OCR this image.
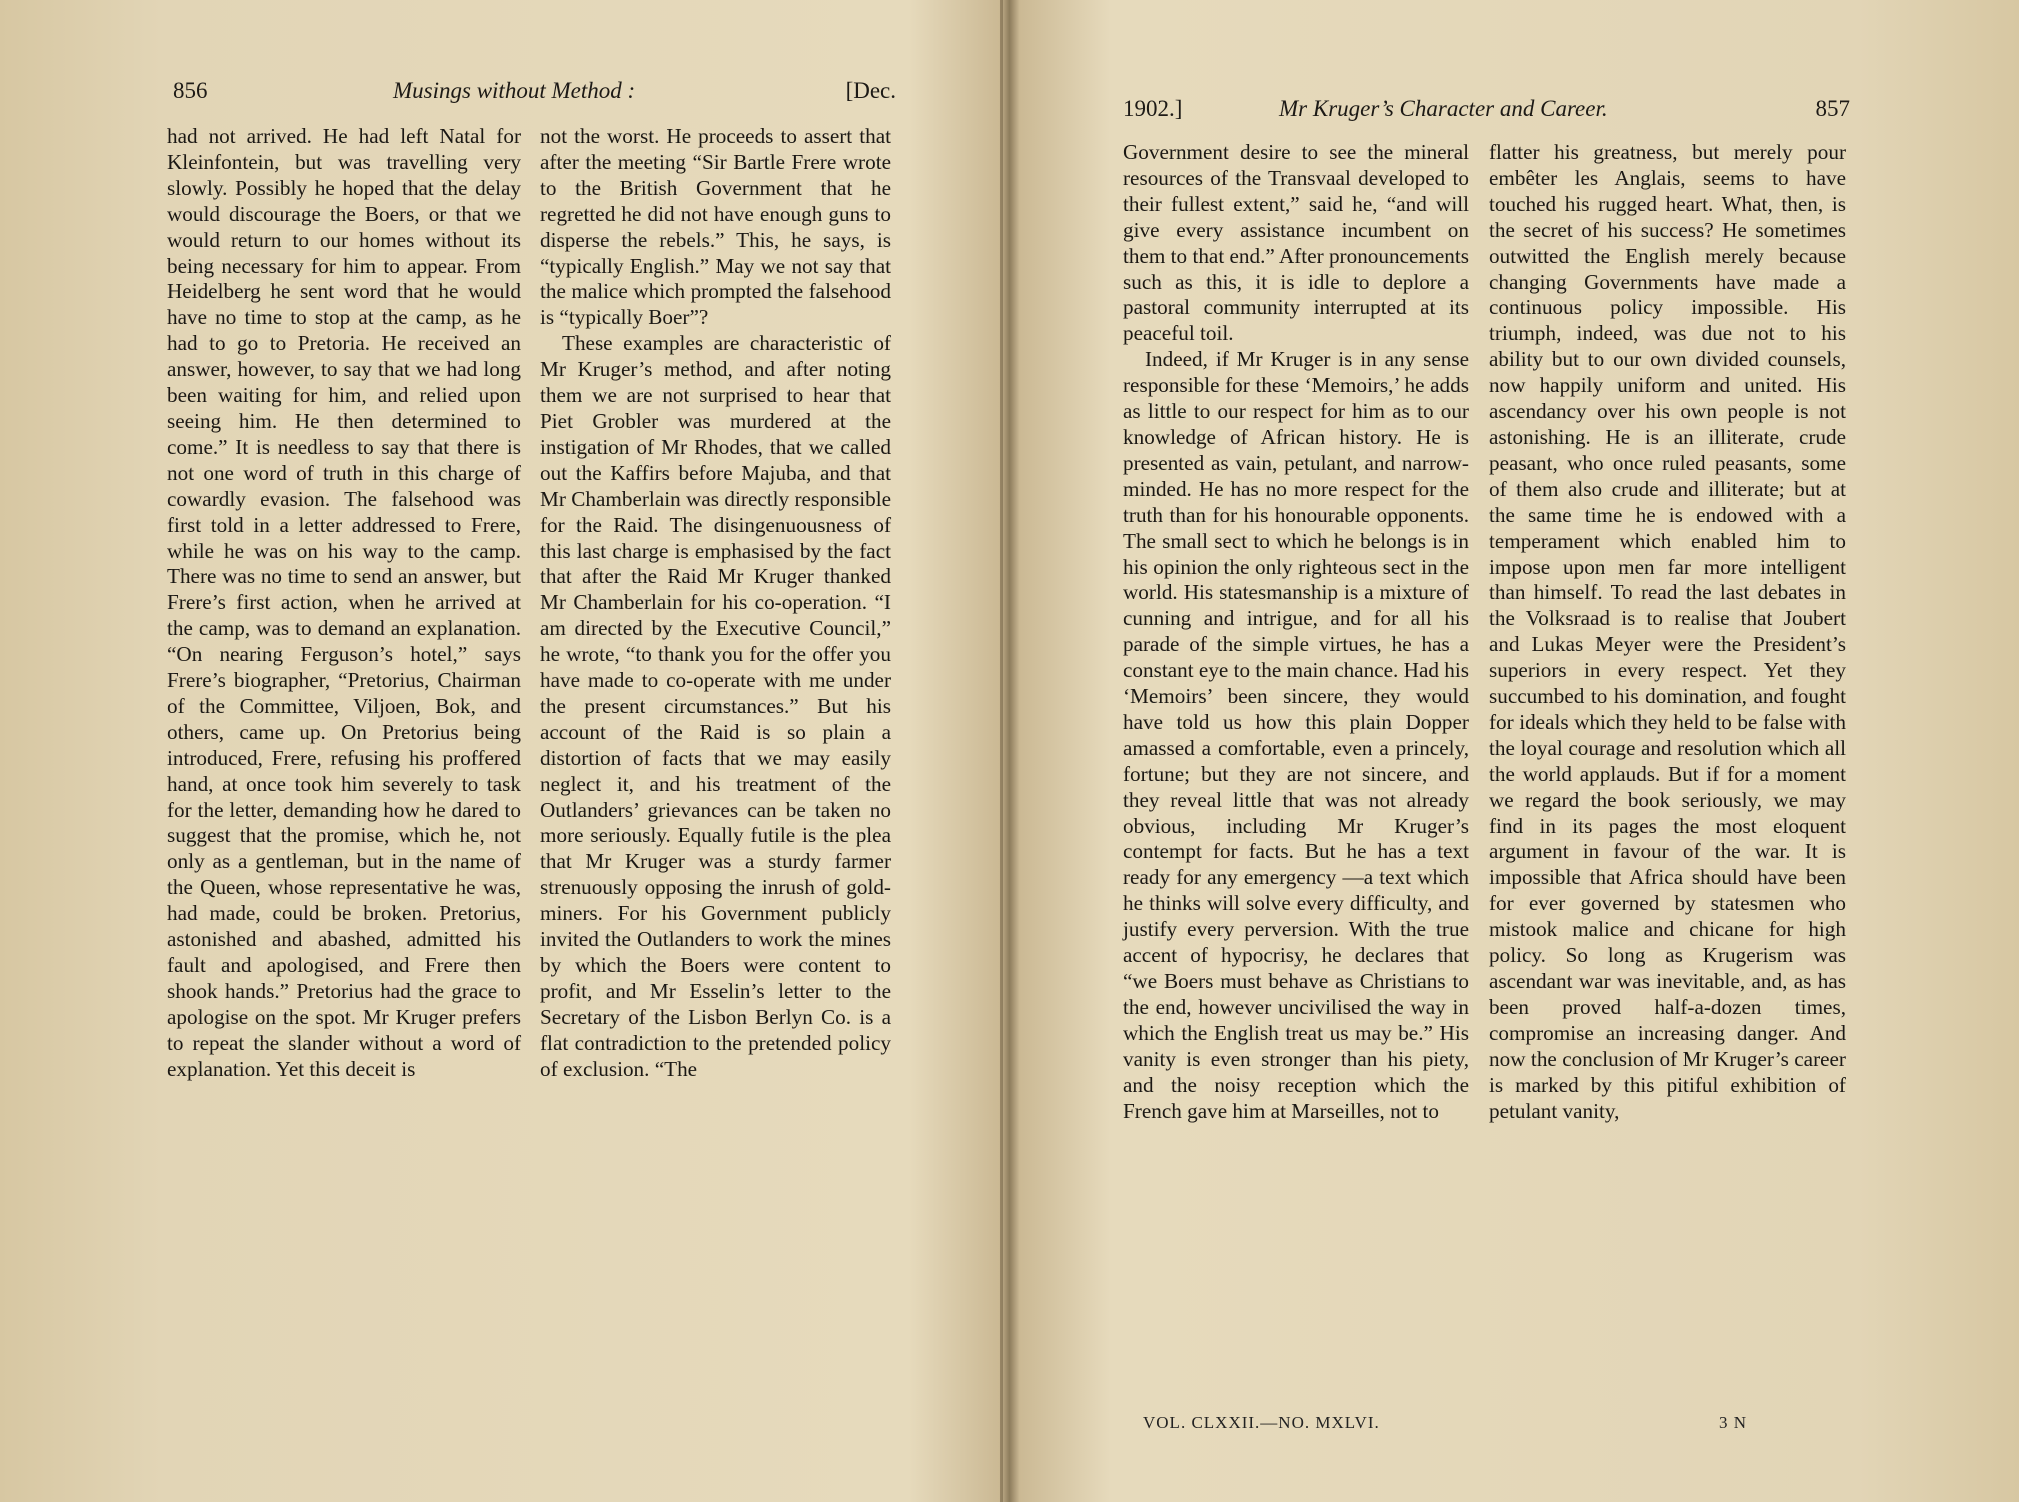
856	Musings without Method :	[Dec.

had not arrived. He had left Natal for Kleinfontein, but was travelling very slowly. Possibly he hoped that the delay would discourage the Boers, or that we would return to our homes without its being necessary for him to appear. From Heidelberg he sent word that he would have no time to stop at the camp, as he had to go to Pretoria. He received an answer, however, to say that we had long been waiting for him, and relied upon seeing him. He then determined to come.” It is needless to say that there is not one word of truth in this charge of cowardly evasion. The falsehood was first told in a letter addressed to Frere, while he was on his way to the camp. There was no time to send an answer, but Frere’s first action, when he arrived at the camp, was to demand an explanation. “On nearing Ferguson’s hotel,” says Frere’s biographer, “Pretorius, Chairman of the Committee, Viljoen, Bok, and others, came up. On Pretorius being introduced, Frere, refusing his proffered hand, at once took him severely to task for the letter, demanding how he dared to suggest that the promise, which he, not only as a gentleman, but in the name of the Queen, whose representative he was, had made, could be broken. Pretorius, astonished and abashed, admitted his fault and apologised, and Frere then shook hands.” Pretorius had the grace to apologise on the spot. Mr Kruger prefers to repeat the slander without a word of explanation. Yet this deceit is

not the worst. He proceeds to assert that after the meeting “Sir Bartle Frere wrote to the British Government that he regretted he did not have enough guns to disperse the rebels.” This, he says, is “typically English.” May we not say that the malice which prompted the falsehood is “typically Boer”?

These examples are characteristic of Mr Kruger’s method, and after noting them we are not surprised to hear that Piet Grobler was murdered at the instigation of Mr Rhodes, that we called out the Kaffirs before Majuba, and that Mr Chamberlain was directly responsible for the Raid. The disingenuousness of this last charge is emphasised by the fact that after the Raid Mr Kruger thanked Mr Chamberlain for his co-operation. “I am directed by the Executive Council,” he wrote, “to thank you for the offer you have made to co-operate with me under the present circumstances.” But his account of the Raid is so plain a distortion of facts that we may easily neglect it, and his treatment of the Outlanders’ grievances can be taken no more seriously. Equally futile is the plea that Mr Kruger was a sturdy farmer strenuously opposing the inrush of gold-miners. For his Government publicly invited the Outlanders to work the mines by which the Boers were content to profit, and Mr Esselin’s letter to the Secretary of the Lisbon Berlyn Co. is a flat contradiction to the pretended policy of exclusion. “The

1902.]	Mr Kruger’s Character and Career.	857

Government desire to see the mineral resources of the Transvaal developed to their fullest extent,” said he, “and will give every assistance incumbent on them to that end.” After pronouncements such as this, it is idle to deplore a pastoral community interrupted at its peaceful toil.

Indeed, if Mr Kruger is in any sense responsible for these ‘Memoirs,’ he adds as little to our respect for him as to our knowledge of African history. He is presented as vain, petulant, and narrow-minded. He has no more respect for the truth than for his honourable opponents. The small sect to which he belongs is in his opinion the only righteous sect in the world. His statesmanship is a mixture of cunning and intrigue, and for all his parade of the simple virtues, he has a constant eye to the main chance. Had his ‘Memoirs’ been sincere, they would have told us how this plain Dopper amassed a comfortable, even a princely, fortune; but they are not sincere, and they reveal little that was not already obvious, including Mr Kruger’s contempt for facts. But he has a text ready for any emergency —a text which he thinks will solve every difficulty, and justify every perversion. With the true accent of hypocrisy, he declares that “we Boers must behave as Christians to the end, however uncivilised the way in which the English treat us may be.” His vanity is even stronger than his piety, and the noisy reception which the French gave him at Marseilles, not to

flatter his greatness, but merely pour embêter les Anglais, seems to have touched his rugged heart. What, then, is the secret of his success? He sometimes outwitted the English merely because changing Governments have made a continuous policy impossible. His triumph, indeed, was due not to his ability but to our own divided counsels, now happily uniform and united. His ascendancy over his own people is not astonishing. He is an illiterate, crude peasant, who once ruled peasants, some of them also crude and illiterate; but at the same time he is endowed with a temperament which enabled him to impose upon men far more intelligent than himself. To read the last debates in the Volksraad is to realise that Joubert and Lukas Meyer were the President’s superiors in every respect. Yet they succumbed to his domination, and fought for ideals which they held to be false with the loyal courage and resolution which all the world applauds. But if for a moment we regard the book seriously, we may find in its pages the most eloquent argument in favour of the war. It is impossible that Africa should have been for ever governed by statesmen who mistook malice and chicane for high policy. So long as Krugerism was ascendant war was inevitable, and, as has been proved half-a-dozen times, compromise an increasing danger. And now the conclusion of Mr Kruger’s career is marked by this pitiful exhibition of petulant vanity,

VOL. CLXXII.—NO. MXLVI.	3 N
